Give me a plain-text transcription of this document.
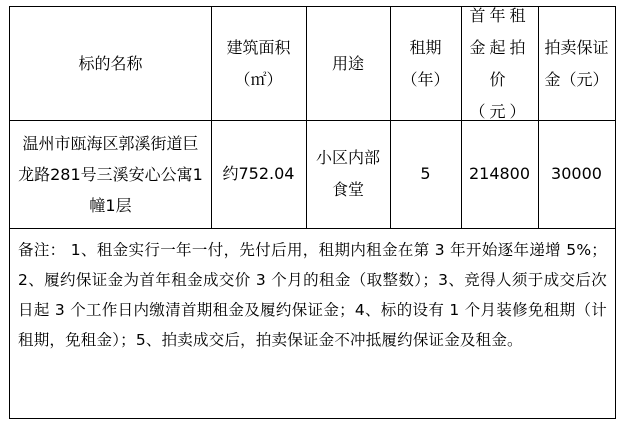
标的名称
建筑面积（㎡）
用途
租期（年）
首年租金起拍价（元）
拍卖保证金（元）
温州市瓯海区郭溪街道巨龙路281号三溪安心公寓1幢1层
约752.04
小区内部食堂
5 214800 30000
备注： 1、租金实行一年一付，先付后用，租期内租金在第 3 年开始逐年递增 5%；2、履约保证金为首年租金成交价 3 个月的租金（取整数）；3、竞得人须于成交后次日起 3 个工作日内缴清首期租金及履约保证金；4、标的设有 1 个月装修免租期（计租期，免租金）；5、拍卖成交后，拍卖保证金不冲抵履约保证金及租金。
